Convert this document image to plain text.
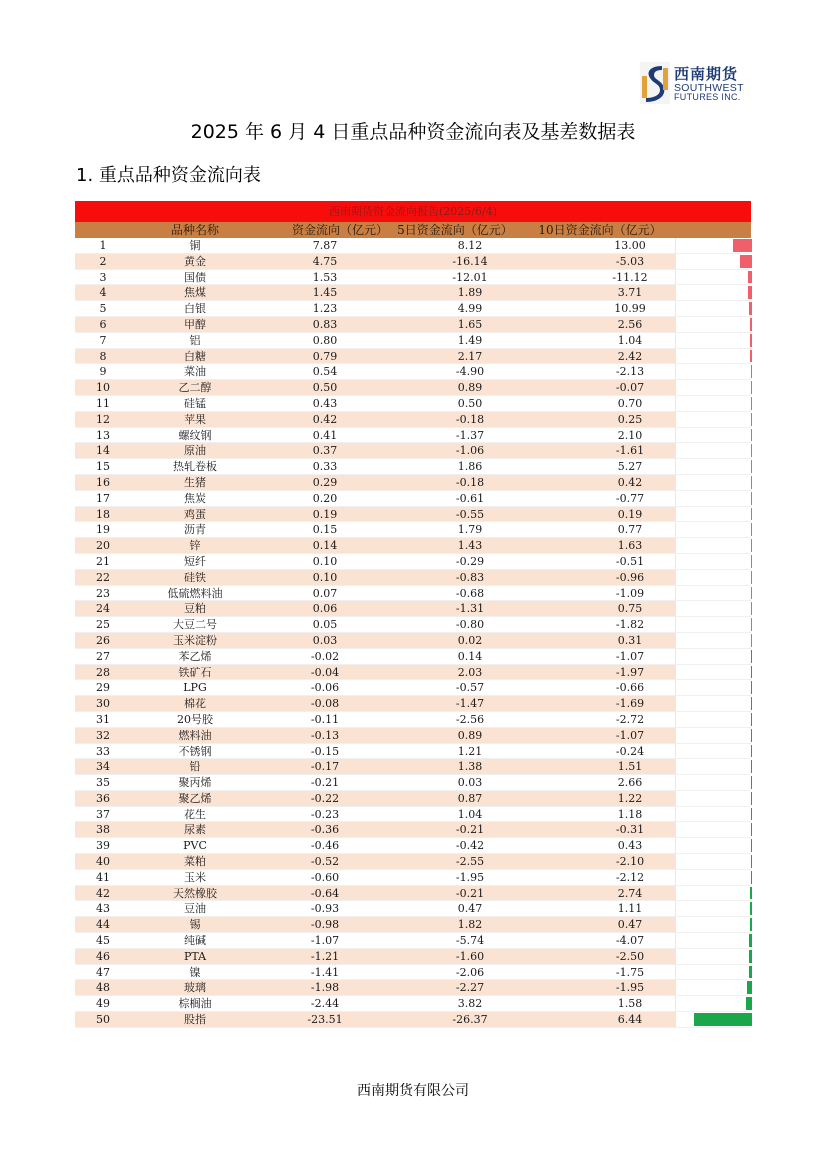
西南期货
SOUTHWEST
FUTURES INC.
2025 年 6 月 4 日重点品种资金流向表及基差数据表
1. 重点品种资金流向表
西南期货资金流向报告(2025/6/4)
品种名称	资金流向（亿元） 5日资金流向（亿元）	10日资金流向（亿元）
1	铜	7.87	8.12	13.00
2	黄金	4.75	-16.14	-5.03
3	国债	1.53	-12.01	-11.12
4	焦煤	1.45	1.89	3.71
5	白银	1.23	4.99	10.99
6	甲醇	0.83	1.65	2.56
7	铝	0.80	1.49	1.04
8	白糖	0.79	2.17	2.42
9	菜油	0.54	-4.90	-2.13
10	乙二醇	0.50	0.89	-0.07
11	硅锰	0.43	0.50	0.70
12	苹果	0.42	-0.18	0.25
13	螺纹钢	0.41	-1.37	2.10
14	原油	0.37	-1.06	-1.61
15	热轧卷板	0.33	1.86	5.27
16	生猪	0.29	-0.18	0.42
17	焦炭	0.20	-0.61	-0.77
18	鸡蛋	0.19	-0.55	0.19
19	沥青	0.15	1.79	0.77
20	锌	0.14	1.43	1.63
21	短纤	0.10	-0.29	-0.51
22	硅铁	0.10	-0.83	-0.96
23	低硫燃料油	0.07	-0.68	-1.09
24	豆粕	0.06	-1.31	0.75
25	大豆二号	0.05	-0.80	-1.82
26	玉米淀粉	0.03	0.02	0.31
27	苯乙烯	-0.02	0.14	-1.07
28	铁矿石	-0.04	2.03	-1.97
29	LPG	-0.06	-0.57	-0.66
30	棉花	-0.08	-1.47	-1.69
31	20号胶	-0.11	-2.56	-2.72
32	燃料油	-0.13	0.89	-1.07
33	不锈钢	-0.15	1.21	-0.24
34	铅	-0.17	1.38	1.51
35	聚丙烯	-0.21	0.03	2.66
36	聚乙烯	-0.22	0.87	1.22
37	花生	-0.23	1.04	1.18
38	尿素	-0.36	-0.21	-0.31
39	PVC	-0.46	-0.42	0.43
40	菜粕	-0.52	-2.55	-2.10
41	玉米	-0.60	-1.95	-2.12
42	天然橡胶	-0.64	-0.21	2.74
43	豆油	-0.93	0.47	1.11
44	锡	-0.98	1.82	0.47
45	纯碱	-1.07	-5.74	-4.07
46	PTA	-1.21	-1.60	-2.50
47	镍	-1.41	-2.06	-1.75
48	玻璃	-1.98	-2.27	-1.95
49	棕榈油	-2.44	3.82	1.58
50	股指	-23.51	-26.37	6.44
西南期货有限公司
